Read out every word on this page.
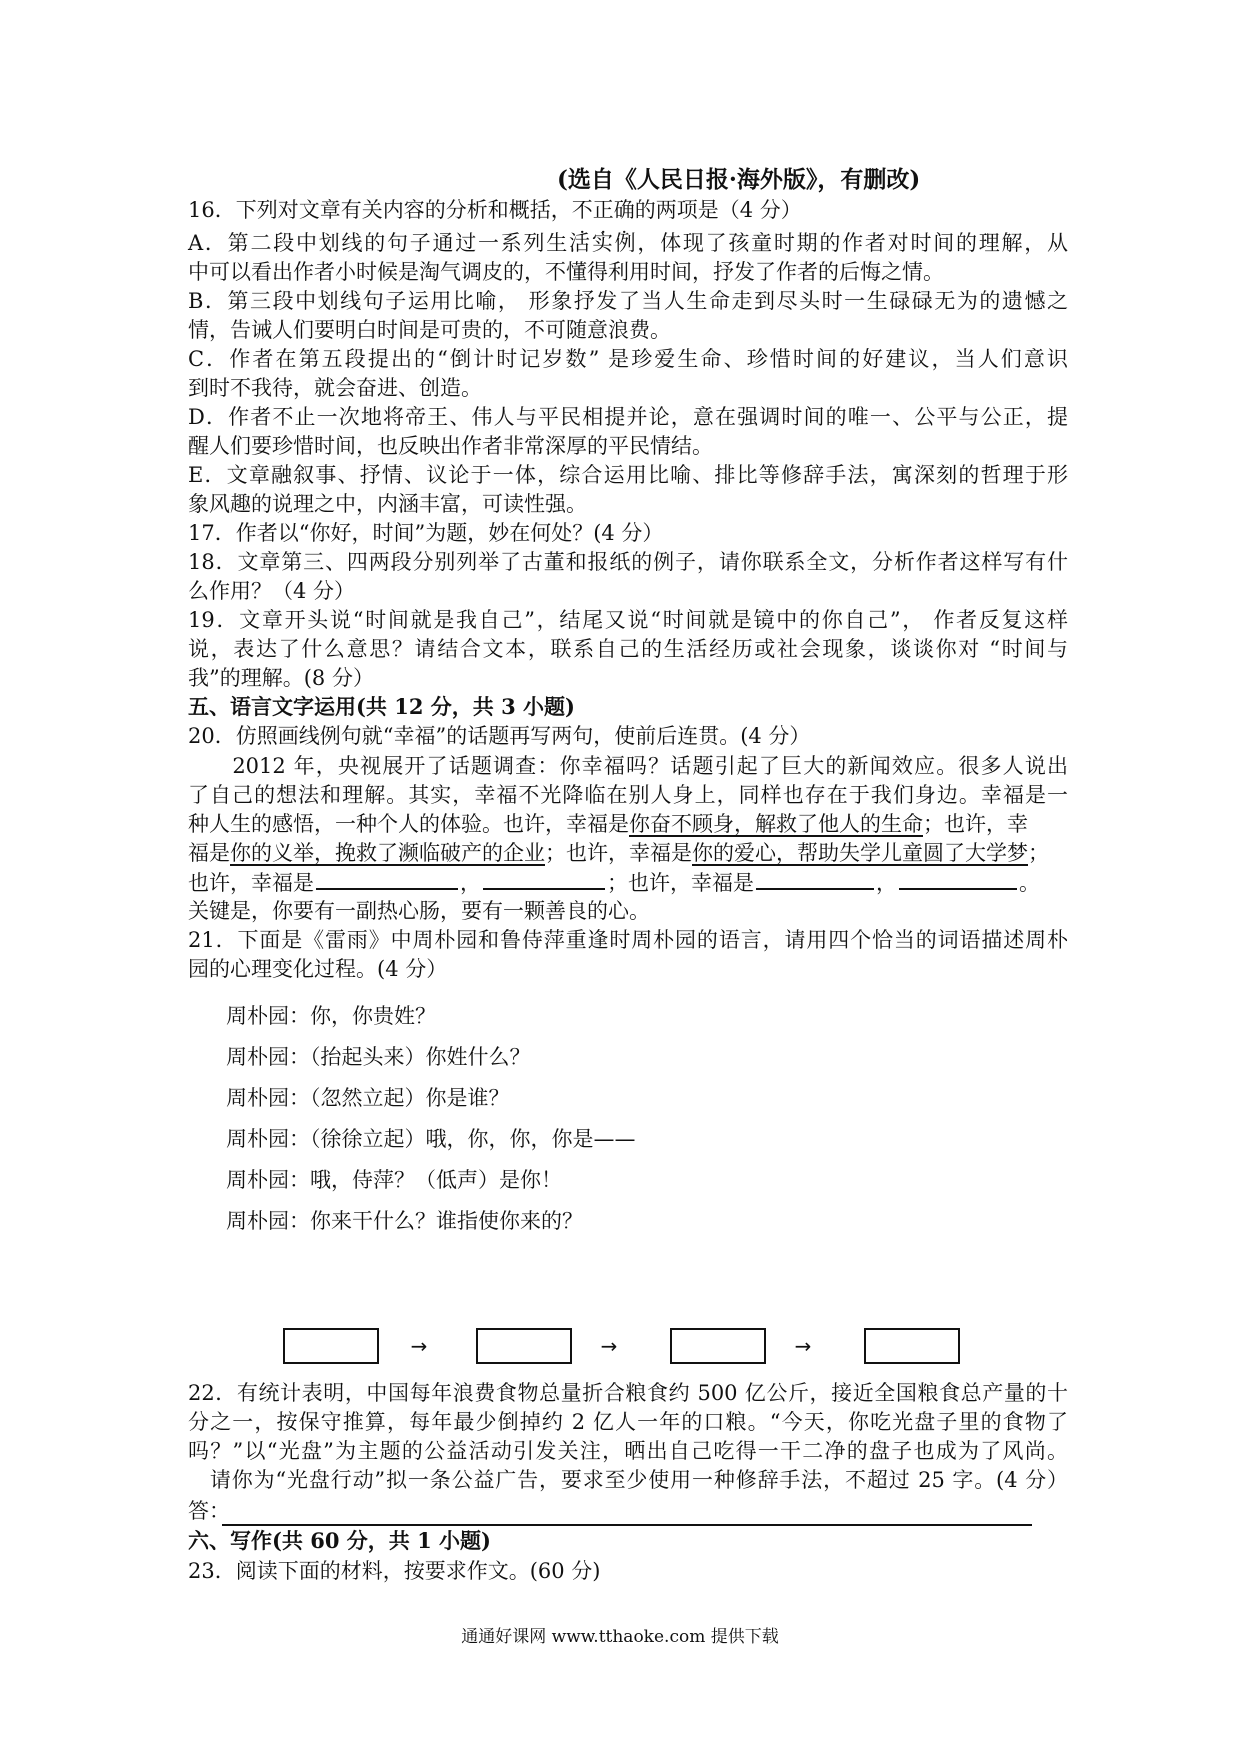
(选自《人民日报·海外版》，有删改)
16．下列对文章有关内容的分析和概括，不正确的两项是（4 分）
A．第二段中划线的句子通过一系列生活实例，体现了孩童时期的作者对时间的理解，从
中可以看出作者小时候是淘气调皮的，不懂得利用时间，抒发了作者的后悔之情。
B．第三段中划线句子运用比喻， 形象抒发了当人生命走到尽头时一生碌碌无为的遗憾之
情，告诫人们要明白时间是可贵的，不可随意浪费。
C．作者在第五段提出的“倒计时记岁数” 是珍爱生命、珍惜时间的好建议，当人们意识
到时不我待，就会奋进、创造。
D．作者不止一次地将帝王、伟人与平民相提并论，意在强调时间的唯一、公平与公正，提
醒人们要珍惜时间，也反映出作者非常深厚的平民情结。
E．文章融叙事、抒情、议论于一体，综合运用比喻、排比等修辞手法，寓深刻的哲理于形
象风趣的说理之中，内涵丰富，可读性强。
17．作者以“你好，时间”为题，妙在何处？(4 分）
18．文章第三、四两段分别列举了古董和报纸的例子，请你联系全文，分析作者这样写有什
么作用？（4 分）
19．文章开头说“时间就是我自己”，结尾又说“时间就是镜中的你自己”， 作者反复这样
说，表达了什么意思？请结合文本，联系自己的生活经历或社会现象，谈谈你对 “时间与
我”的理解。(8 分）
五、语言文字运用(共 12 分，共 3 小题)
20．仿照画线例句就“幸福”的话题再写两句，使前后连贯。(4 分）
　　2012 年，央视展开了话题调查：你幸福吗？话题引起了巨大的新闻效应。很多人说出
了自己的想法和理解。其实，幸福不光降临在别人身上，同样也存在于我们身边。幸福是一
种人生的感悟，一种个人的体验。也许，幸福是你奋不顾身，解救了他人的生命；也许，幸
福是你的义举，挽救了濒临破产的企业；也许，幸福是你的爱心，帮助失学儿童圆了大学梦；
也许，幸福是	，	；也许，幸福是	，	。
关键是，你要有一副热心肠，要有一颗善良的心。
21．下面是《雷雨》中周朴园和鲁侍萍重逢时周朴园的语言，请用四个恰当的词语描述周朴
园的心理变化过程。(4 分）
周朴园：你，你贵姓？
周朴园：（抬起头来）你姓什么？
周朴园：（忽然立起）你是谁？
周朴园：（徐徐立起）哦，你，你，你是——
周朴园：哦，侍萍？（低声）是你！
周朴园：你来干什么？谁指使你来的？
→	→	→
22．有统计表明，中国每年浪费食物总量折合粮食约 500 亿公斤，接近全国粮食总产量的十
分之一，按保守推算，每年最少倒掉约 2 亿人一年的口粮。“今天，你吃光盘子里的食物了
吗？”以“光盘”为主题的公益活动引发关注，晒出自己吃得一干二净的盘子也成为了风尚。
　请你为“光盘行动”拟一条公益广告，要求至少使用一种修辞手法，不超过 25 字。(4 分）
答：
六、写作(共 60 分，共 1 小题)
23．阅读下面的材料，按要求作文。(60 分)
通通好课网 www.tthaoke.com 提供下载
